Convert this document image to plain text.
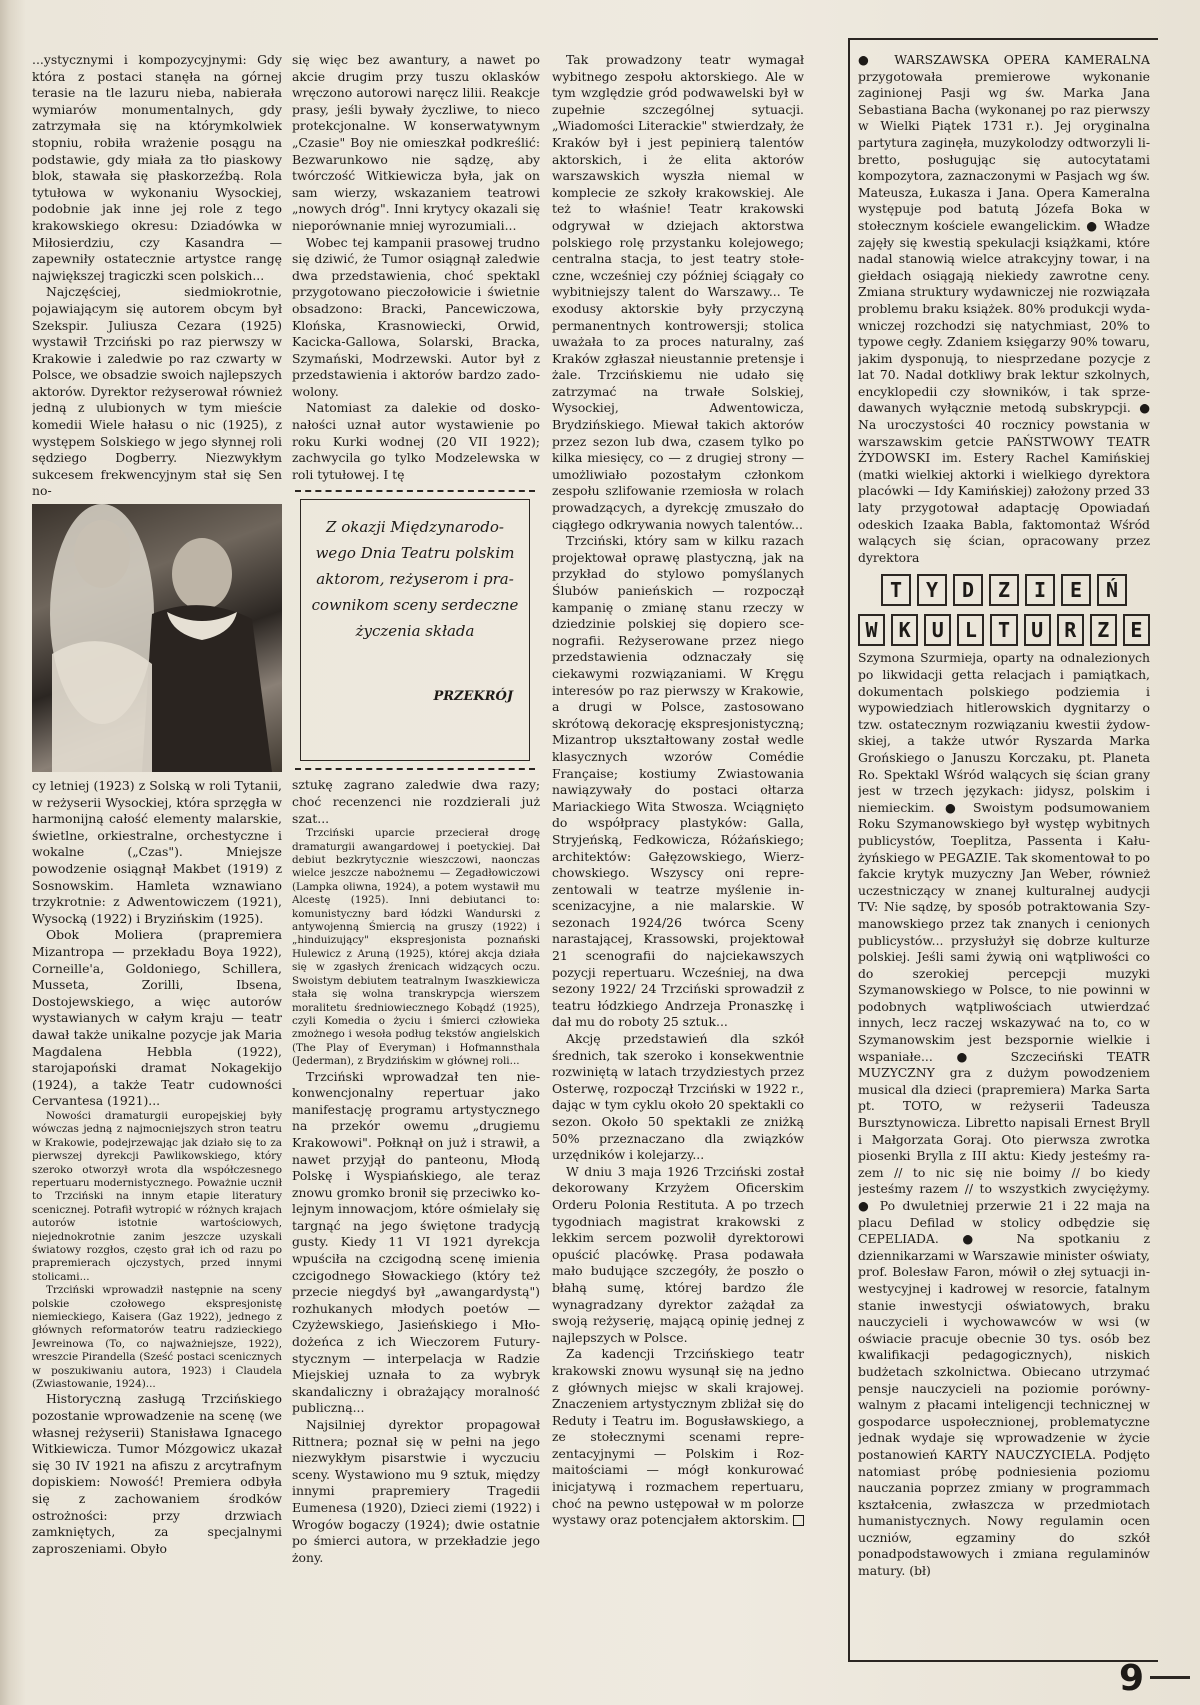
...ystycznymi i kompozycyjnymi: Gdy która z postaci stanęła na górnej terasie na tle lazuru nieba, nabierała wymiarów monumentalnych, gdy zatrzymała się na którymkolwiek stopniu, robiła wrażenie posągu na podstawie, gdy miała za tło piaskowy blok, stawała się płaskorzeźbą. Rola tytułowa w wykonaniu Wysockiej, podobnie jak inne jej role z tego krakowskiego okresu: Dziadówka w Miłosierdziu, czy Kasandra — zapewniły ostatecznie artystce rangę największej tragiczki scen polskich...

Najczęściej, siedmiokrotnie, pojawiającym się autorem obcym był Szekspir. Juliusza Cezara (1925) wystawił Trzciński po raz pierwszy w Krakowie i zaledwie po raz czwarty w Polsce, we obsadzie swoich najlepszych aktorów. Dyrektor reżyserował również jedną z ulubionych w tym mieście komedii Wiele hałasu o nic (1925), z występem Solskiego w jego słynnej roli sędziego Dogberry. Niezwykłym sukcesem frekwencyjnym stał się Sen no-

cy letniej (1923) z Solską w roli Tytanii, w reżyserii Wysockiej, która sprzęgła w harmonijną całość elementy malarskie, świetlne, orkiestralne, orchestyczne i wokalne („Czas"). Mniejsze powodzenie osiągnął Makbet (1919) z Sosnowskim. Hamleta wznawiano trzykrotnie: z Adwentowiczem (1921), Wysocką (1922) i Bryzińskim (1925).

Obok Moliera (prapremiera Mizantropa — przekładu Boya 1922), Corneille'a, Goldoniego, Schillera, Musseta, Zorilli, Ibsena, Dostojewskiego, a więc autorów wystawianych w całym kraju — teatr dawał także unikalne pozycje jak Maria Magdalena Hebbla (1922), starojapoński dramat Nokagekijo (1924), a także Teatr cudowności Cervantesa (1921)...

Nowości dramaturgii europejskiej były wówczas jedną z najmocniejszych stron teatru w Krakowie, podejrzewając jak działo się to za pierwszej dyrekcji Pawlikowskiego, który szeroko otworzył wrota dla współczesnego repertuaru modernistycznego. Poważnie ucznił to Trzciński na innym etapie literatury scenicznej. Potrafił wytropić w różnych krajach autorów istotnie wartościowych, niejednokrotnie zanim jeszcze uzyskali światowy rozgłos, często grał ich od razu po prapremierach ojczystych, przed innymi stolicami...

Trzciński wprowadził następnie na sceny polskie czołowego ekspresjonistę niemieckiego, Kaisera (Gaz 1922), jednego z głównych reformatorów teatru radzieckiego Jewreinowa (To, co najważniejsze, 1922), wreszcie Pirandella (Sześć postaci scenicznych w poszukiwaniu autora, 1923) i Claudela (Zwiastowanie, 1924)...

Historyczną zasługą Trzcińskiego pozostanie wprowadzenie na scenę (we własnej reżyserii) Stanisława Ignacego Witkiewicza. Tumor Mózgowicz ukazał się 30 IV 1921 na afiszu z arcytrafnym dopiskiem: Nowość! Premiera odbyła się z zachowaniem środków ostrożności: przy drzwiach zamkniętych, za specjalnymi zaproszeniami. Obyło

się więc bez awantury, a nawet po akcie drugim przy tuszu oklasków wręczono autorowi naręcz lilii. Reakcje prasy, jeśli bywały życzliwe, to nieco protekcjonalne. W konserwatywnym „Czasie" Boy nie omieszkał podkreślić: Bezwarunkowo nie sądzę, aby twórczość Witkiewicza była, jak on sam wierzy, wskazaniem teatrowi „nowych dróg". Inni krytycy okazali się nieporównanie mniej wyrozumiali...

Wobec tej kampanii prasowej trudno się dziwić, że Tumor osiągnął zaledwie dwa przedstawienia, choć spektakl przygotowano pieczołowicie i świetnie obsadzono: Bracki, Pancewiczowa, Klońska, Krasnowiecki, Orwid, Kacicka-Gallowa, Solarski, Bracka, Szymański, Modrzewski. Autor był z przedstawienia i aktorów bardzo zadowolony.

Natomiast za dalekie od doskonałości uznał autor wystawienie po roku Kurki wodnej (20 VII 1922); zachwycila go tylko Modzelewska w roli tytułowej. I tę

Z okazji Międzynarodowego Dnia Teatru polskim aktorom, reżyserom i pracownikom sceny serdeczne życzenia składa
PRZEKRÓJ

sztukę zagrano zaledwie dwa razy; choć recenzenci nie rozdzierali już szat...

Trzciński uparcie przecierał drogę dramaturgii awangardowej i poetyckiej. Dał debiut bezkrytycznie wieszczowi, naonczas wielce jeszcze nabożnemu — Zegadłowiczowi (Lampka oliwna, 1924), a potem wystawił mu Alcestę (1925). Inni debiutanci to: komunistyczny bard łódzki Wandurski z antywojenną Śmiercią na gruszy (1922) i „hinduizujący" ekspresjonista poznański Hulewicz z Aruną (1925), której akcja działa się w zgasłych źrenicach widzących oczu. Swoistym debiutem teatralnym Iwaszkiewicza stała się wolna transkrypcja wierszem moralitetu średniowiecznego Kobądź (1925), czyli Komedia o życiu i śmierci człowieka zmożnego i wesoła podług tekstów angielskich (The Play of Everyman) i Hofmannsthala (Jederman), z Brydzińskim w głównej roli...

Trzciński wprowadzał ten niekonwencjonalny repertuar jako manifestację programu artystycznego na przekór owemu „drugiemu Krakowowi". Połknął on już i strawił, a nawet przyjął do panteonu, Młodą Polskę i Wyspiańskiego, ale teraz znowu gromko bronił się przeciwko kolejnym innowacjom, które ośmielały się targnąć na jego świętone tradycją gusty. Kiedy 11 VI 1921 dyrekcja wpuściła na czcigodną scenę imienia czcigodnego Słowackiego (który też przecie niegdyś był „awangardystą") rozhukanych młodych poetów — Czyżewskiego, Jasieńskiego i Młodożeńca z ich Wieczorem Futurystycznym — interpelacja w Radzie Miejskiej uznała to za wybryk skandaliczny i obrażający moralność publiczną...

Najsilniej dyrektor propagował Rittnera; poznał się w pełni na jego niezwykłym pisarstwie i wyczuciu sceny. Wystawiono mu 9 sztuk, między innymi prapremiery Tragedii Eumenesa (1920), Dzieci ziemi (1922) i Wrogów bogaczy (1924); dwie ostatnie po śmierci autora, w przekładzie jego żony.

Tak prowadzony teatr wymagał wybitnego zespołu aktorskiego. Ale w tym względzie gród podwawelski był w zupełnie szczególnej sytuacji. „Wiadomości Literackie" stwierdzały, że Kraków był i jest pepinierą talentów aktorskich, i że elita aktorów warszawskich wyszła niemal w komplecie ze szkoły krakowskiej. Ale też to właśnie! Teatr krakowski odgrywał w dziejach aktorstwa polskiego rolę przystanku kolejowego; centralna stacja, to jest teatry stołeczne, wcześniej czy później ściągały co wybitniejszy talent do Warszawy... Te exodusy aktorskie były przyczyną permanentnych kontrowersji; stolica uważała to za proces naturalny, zaś Kraków zgłaszał nieustannie pretensje i żale. Trzcińskiemu nie udało się zatrzymać na trwałe Solskiej, Wysockiej, Adwentowicza, Brydzińskiego. Miewał takich aktorów przez sezon lub dwa, czasem tylko po kilka miesięcy, co — z drugiej strony — umożliwiało pozostałym członkom zespołu szlifowanie rzemiosła w rolach prowadzących, a dyrekcję zmuszało do ciągłego odkrywania nowych talentów...

Trzciński, który sam w kilku razach projektował oprawę plastyczną, jak na przykład do stylowo pomyślanych Ślubów panieńskich — rozpoczął kampanię o zmianę stanu rzeczy w dziedzinie polskiej się dopiero scenografii. Reżyserowane przez niego przedstawienia odznaczały się ciekawymi rozwiązaniami. W Kręgu interesów po raz pierwszy w Krakowie, a drugi w Polsce, zastosowano skrótową dekorację ekspresjonistyczną; Mizantrop ukształtowany został wedle klasycznych wzorów Comédie Française; kostiumy Zwiastowania nawiązywały do postaci ołtarza Mariackiego Wita Stwosza. Wciągnięto do współpracy plastyków: Galla, Stryjeńską, Fedkowicza, Różańskiego; architektów: Gałęzowskiego, Wierzchowskiego. Wszyscy oni reprezentowali w teatrze myślenie inscenizacyjne, a nie malarskie. W sezonach 1924/26 twórca Sceny narastającej, Krassowski, projektował 21 scenografii do najciekawszych pozycji repertuaru. Wcześniej, na dwa sezony 1922/ 24 Trzciński sprowadził z teatru łódzkiego Andrzeja Pronaszkę i dał mu do roboty 25 sztuk...

Akcję przedstawień dla szkół średnich, tak szeroko i konsekwentnie rozwiniętą w latach trzydziestych przez Osterwę, rozpoczął Trzciński w 1922 r., dając w tym cyklu około 20 spektakli co sezon. Około 50 spektakli ze zniżką 50% przeznaczano dla związków urzędników i kolejarzy...

W dniu 3 maja 1926 Trzciński został dekorowany Krzyżem Oficerskim Orderu Polonia Restituta. A po trzech tygodniach magistrat krakowski z lekkim sercem pozwolił dyrektorowi opuścić placówkę. Prasa podawała mało budujące szczegóły, że poszło o błahą sumę, której bardzo źle wynagradzany dyrektor zażądał za swoją reżyserię, mającą opinię jednej z najlepszych w Polsce.

Za kadencji Trzcińskiego teatr krakowski znowu wysunął się na jedno z głównych miejsc w skali krajowej. Znaczeniem artystycznym zbliżał się do Reduty i Teatru im. Bogusławskiego, a ze stołecznymi scenami reprezentacyjnymi — Polskim i Rozmaitościami — mógł konkurować inicjatywą i rozmachem repertuaru, choć na pewno ustępował w m polorze wystawy oraz potencjałem aktorskim.

● WARSZAWSKA OPERA KAMERALNA przygotowała premierowe wykonanie zaginionej Pasji wg św. Marka Jana Sebastiana Bacha (wykonanej po raz pierwszy w Wielki Piątek 1731 r.). Jej oryginalna partytura zaginęła, muzykolodzy odtworzyli libretto, posługując się autocytatami kompozytora, zaznaczonymi w Pasjach wg św. Mateusza, Łukasza i Jana. Opera Kameralna występuje pod batutą Józefa Boka w stołecznym kościele ewangelickim. ● Władze zajęły się kwestią spekulacji książkami, które nadal stanowią wielce atrakcyjny towar, i na giełdach osiągają niekiedy zawrotne ceny. Zmiana struktury wydawniczej nie rozwiązała problemu braku książek. 80% produkcji wydawniczej rozchodzi się natychmiast, 20% to typowe cegły. Zdaniem księgarzy 90% towaru, jakim dysponują, to niesprzedane pozycje z lat 70. Nadal dotkliwy brak lektur szkolnych, encyklopedii czy słowników, i tak sprzedawanych wyłącznie metodą subskrypcji. ● Na uroczystości 40 rocznicy powstania w warszawskim getcie PAŃSTWOWY TEATR ŻYDOWSKI im. Estery Rachel Kamińskiej (matki wielkiej aktorki i wielkiego dyrektora placówki — Idy Kamińskiej) założony przed 33 laty przygotował adaptację Opowiadań odeskich Izaaka Babla, faktomontaż Wśród walących się ścian, opracowany przez dyrektora

T	Y	D	Z	I	E	Ń
W	K	U	L	T	U	R	Z	E

Szymona Szurmieja, oparty na odnalezionych po likwidacji getta relacjach i pamiątkach, dokumentach polskiego podziemia i wypowiedziach hitlerowskich dygnitarzy o tzw. ostatecznym rozwiązaniu kwestii żydowskiej, a także utwór Ryszarda Marka Grońskiego o Januszu Korczaku, pt. Planeta Ro. Spektakl Wśród walących się ścian grany jest w trzech językach: jidysz, polskim i niemieckim. ● Swoistym podsumowaniem Roku Szymanowskiego był występ wybitnych publicystów, Toeplitza, Passenta i Kałużyńskiego w PEGAZIE. Tak skomentował to po fakcie krytyk muzyczny Jan Weber, również uczestniczący w znanej kulturalnej audycji TV: Nie sądzę, by sposób potraktowania Szymanowskiego przez tak znanych i cenionych publicystów... przysłużył się dobrze kulturze polskiej. Jeśli sami żywią oni wątpliwości co do szerokiej percepcji muzyki Szymanowskiego w Polsce, to nie powinni w podobnych wątpliwościach utwierdzać innych, lecz raczej wskazywać na to, co w Szymanowskim jest bezspornie wielkie i wspaniałe... ● Szczeciński TEATR MUZYCZNY gra z dużym powodzeniem musical dla dzieci (prapremiera) Marka Sarta pt. TOTO, w reżyserii Tadeusza Bursztynowicza. Libretto napisali Ernest Bryll i Małgorzata Goraj. Oto pierwsza zwrotka piosenki Brylla z III aktu: Kiedy jesteśmy razem // to nic się nie boimy // bo kiedy jesteśmy razem // to wszystkich zwyciężymy. ● Po dwuletniej przerwie 21 i 22 maja na placu Defilad w stolicy odbędzie się CEPELIADA. ● Na spotkaniu z dziennikarzami w Warszawie minister oświaty, prof. Bolesław Faron, mówił o złej sytuacji inwestycyjnej i kadrowej w resorcie, fatalnym stanie inwestycji oświatowych, braku nauczycieli i wychowawców w wsi (w oświacie pracuje obecnie 30 tys. osób bez kwalifikacji pedagogicznych), niskich budżetach szkolnictwa. Obiecano utrzymać pensje nauczycieli na poziomie porównywalnym z płacami inteligencji technicznej w gospodarce uspołecznionej, problematyczne jednak wydaje się wprowadzenie w życie postanowień KARTY NAUCZYCIELA. Podjęto natomiast próbę podniesienia poziomu nauczania poprzez zmiany w programmach kształcenia, zwłaszcza w przedmiotach humanistycznych. Nowy regulamin ocen uczniów, egzaminy do szkół ponadpodstawowych i zmiana regulaminów matury. (bł)

9
